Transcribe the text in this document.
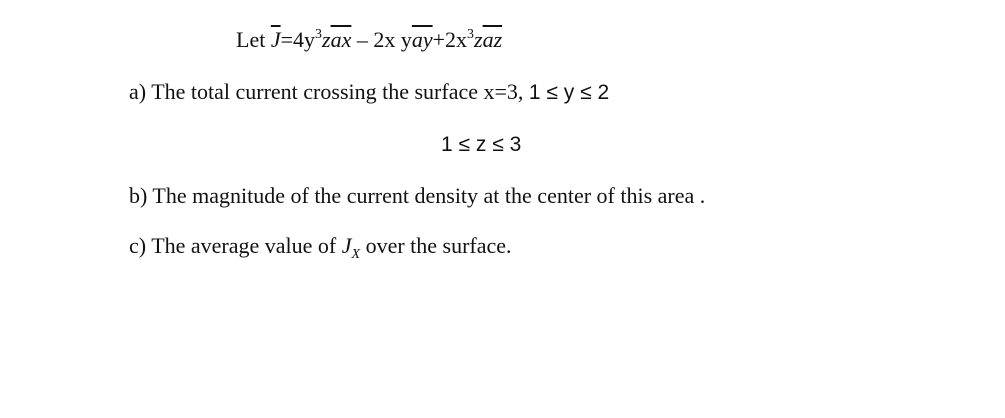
Let $\overline{J}=4y^3z\overline{ax} - 2x$ $y\overline{ay}+2x^3z\overline{az}$
a) The total current crossing the surface x=3, 1 ≤ y ≤ 2
1 ≤ z ≤ 3
b) The magnitude of the current density at the center of this area .
c) The average value of $J_X$ over the surface.
